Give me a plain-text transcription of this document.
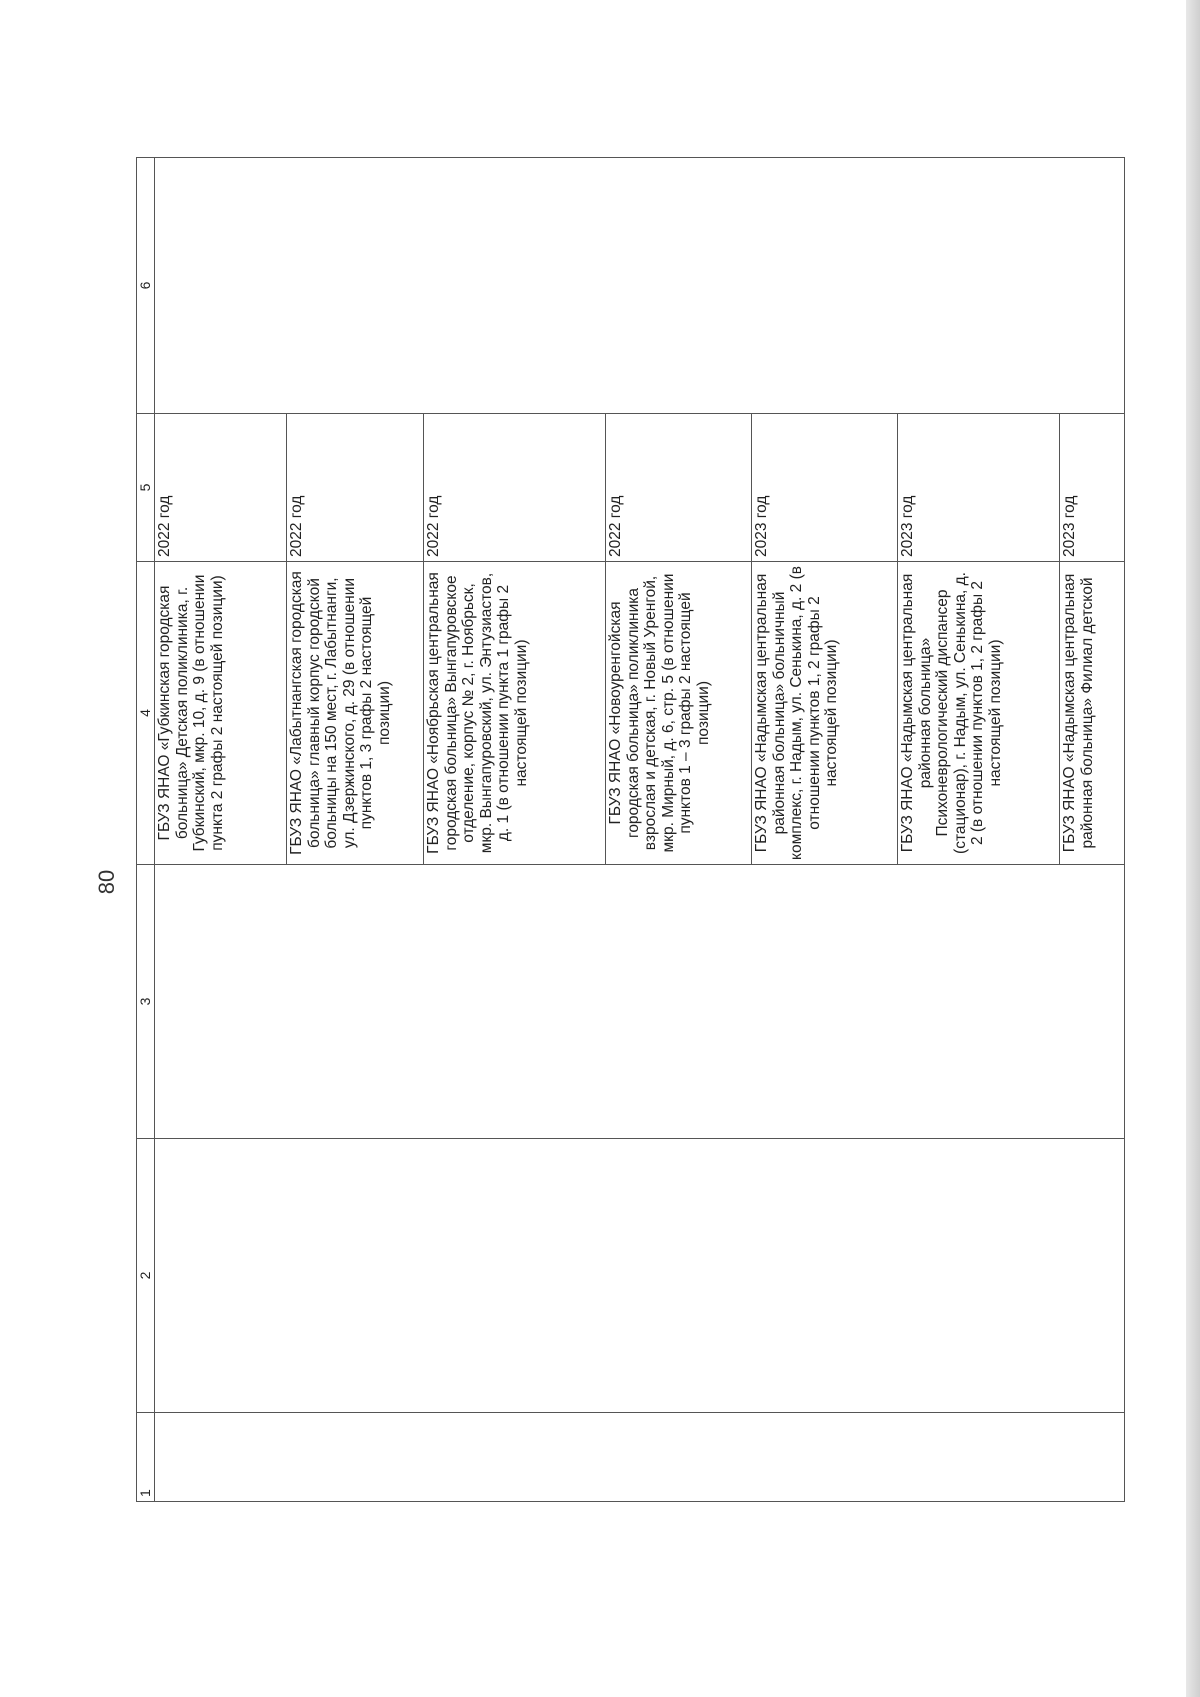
80
1	2	3	4	5	6
			ГБУЗ ЯНАО «Губкинская городская больница» Детская поликлиника, г. Губкинский, мкр. 10, д. 9 (в отношении пункта 2 графы 2 настоящей позиции)	2022 год	
			ГБУЗ ЯНАО «Лабытнангская городская больница» главный корпус городской больницы на 150 мест, г. Лабытнанги, ул. Дзержинского, д. 29 (в отношении пунктов 1, 3 графы 2 настоящей позиции)	2022 год	
			ГБУЗ ЯНАО «Ноябрьская центральная городская больница» Вынгапуровское отделение, корпус № 2, г. Ноябрьск, мкр. Вынгапуровский, ул. Энтузиастов, д. 1 (в отношении пункта 1 графы 2 настоящей позиции)	2022 год	
			ГБУЗ ЯНАО «Новоуренгойская городская больница» поликлиника взрослая и детская, г. Новый Уренгой, мкр. Мирный, д. 6, стр. 5 (в отношении пунктов 1 – 3 графы 2 настоящей позиции)	2022 год	
			ГБУЗ ЯНАО «Надымская центральная районная больница» больничный комплекс, г. Надым, ул. Сенькина, д. 2 (в отношении пунктов 1, 2 графы 2 настоящей позиции)	2023 год	
			ГБУЗ ЯНАО «Надымская центральная районная больница» Психоневрологический диспансер (стационар), г. Надым, ул. Сенькина, д. 2 (в отношении пунктов 1, 2 графы 2 настоящей позиции)	2023 год	
			ГБУЗ ЯНАО «Надымская центральная районная больница» Филиал детской	2023 год	
